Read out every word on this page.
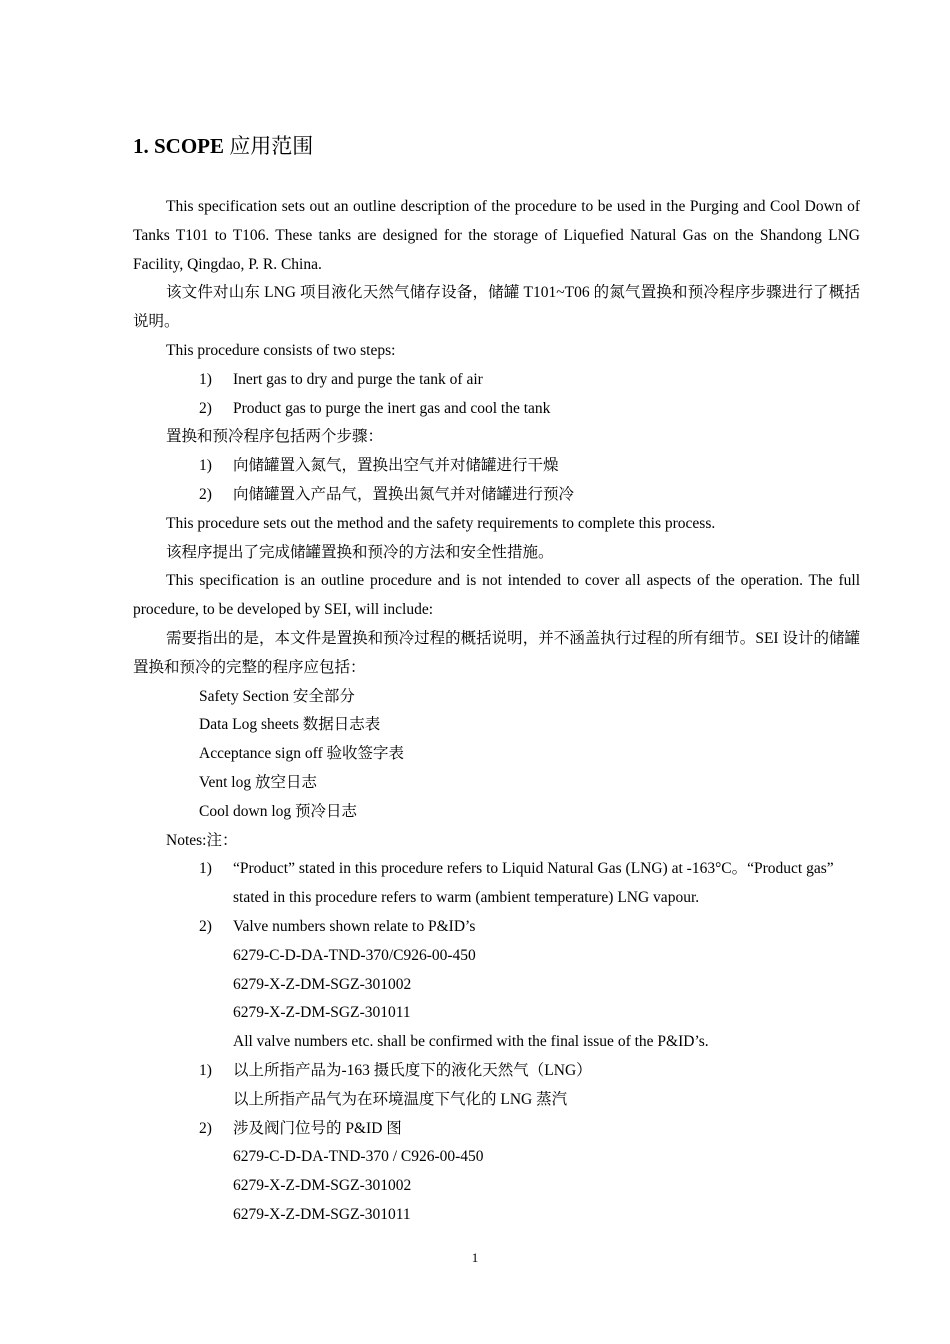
1. SCOPE 应用范围

This specification sets out an outline description of the procedure to be used in the Purging and Cool Down of Tanks T101 to T106. These tanks are designed for the storage of Liquefied Natural Gas on the Shandong LNG Facility, Qingdao, P. R. China.

该文件对山东 LNG 项目液化天然气储存设备，储罐 T101~T06 的氮气置换和预冷程序步骤进行了概括说明。

This procedure consists of two steps:

1) Inert gas to dry and purge the tank of air

2) Product gas to purge the inert gas and cool the tank

置换和预冷程序包括两个步骤：

1) 向储罐置入氮气，置换出空气并对储罐进行干燥

2) 向储罐置入产品气，置换出氮气并对储罐进行预冷

This procedure sets out the method and the safety requirements to complete this process.

该程序提出了完成储罐置换和预冷的方法和安全性措施。

This specification is an outline procedure and is not intended to cover all aspects of the operation. The full procedure, to be developed by SEI, will include:

需要指出的是，本文件是置换和预冷过程的概括说明，并不涵盖执行过程的所有细节。SEI 设计的储罐置换和预冷的完整的程序应包括：

Safety Section 安全部分

Data Log sheets 数据日志表

Acceptance sign off 验收签字表

Vent log 放空日志

Cool down log 预冷日志

Notes:注：

1) “Product” stated in this procedure refers to Liquid Natural Gas (LNG) at -163°C。“Product gas” stated in this procedure refers to warm (ambient temperature) LNG vapour.

2) Valve numbers shown relate to P&ID’s

6279-C-D-DA-TND-370/C926-00-450

6279-X-Z-DM-SGZ-301002

6279-X-Z-DM-SGZ-301011

All valve numbers etc. shall be confirmed with the final issue of the P&ID’s.

1) 以上所指产品为-163 摄氏度下的液化天然气（LNG）

以上所指产品气为在环境温度下气化的 LNG 蒸汽

2) 涉及阀门位号的 P&ID 图

6279-C-D-DA-TND-370 / C926-00-450

6279-X-Z-DM-SGZ-301002

6279-X-Z-DM-SGZ-301011

1
